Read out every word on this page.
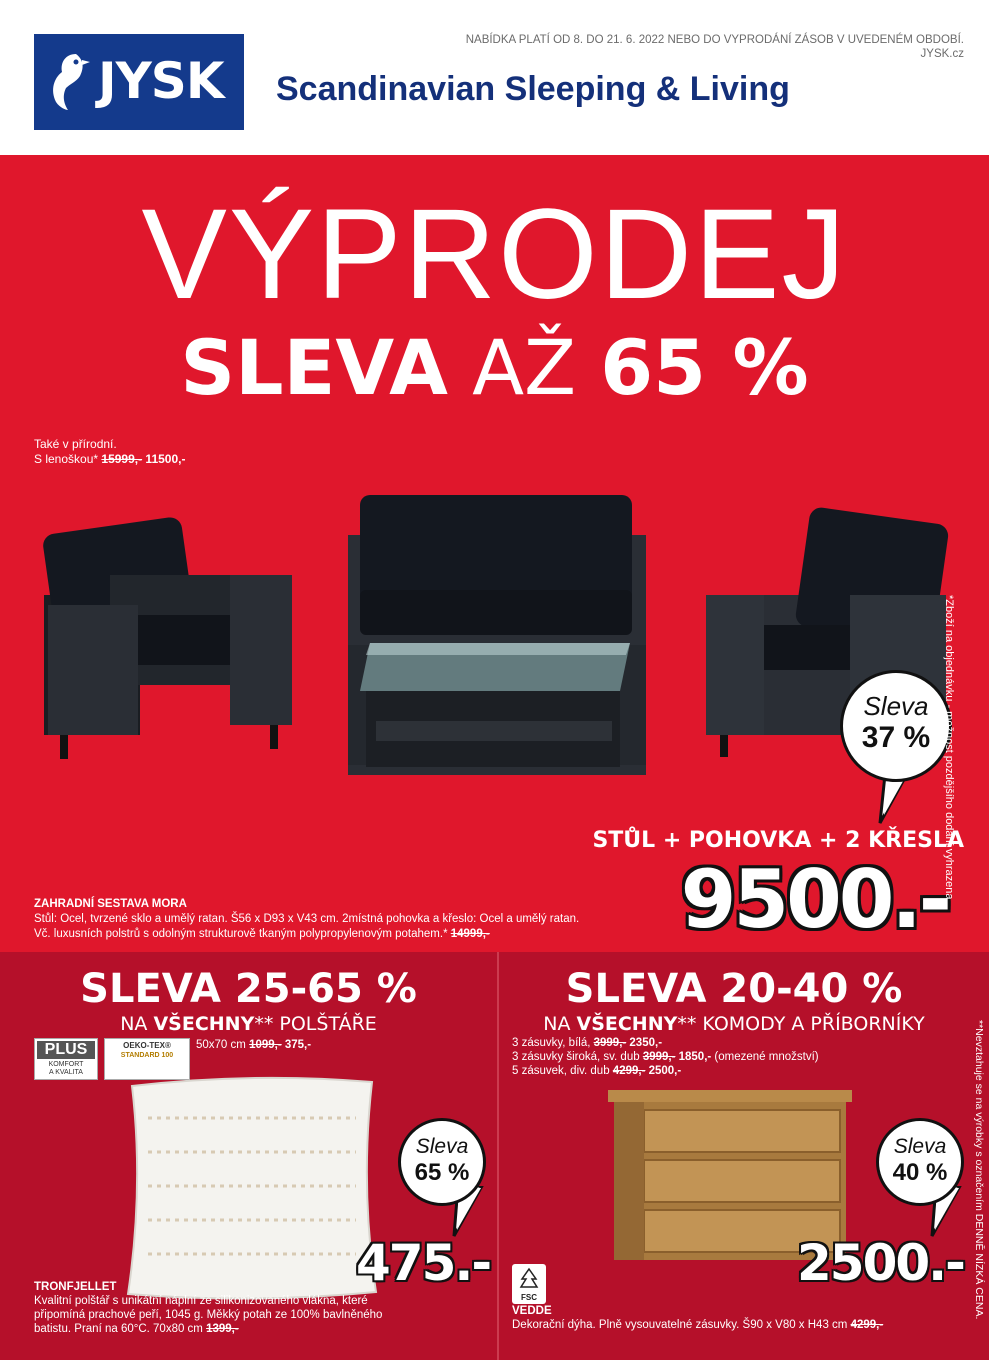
JYSK Scandinavian Sleeping & Living
NABÍDKA PLATÍ OD 8. DO 21. 6. 2022 NEBO DO VYPRODÁNÍ ZÁSOB V UVEDENÉM OBDOBÍ.
JYSK.cz
VÝPRODEJ
SLEVA AŽ 65 %
Také v přírodní.
S lenoškou* 15999,- 11500,-
Sleva
37 %
STŮL + POHOVKA + 2 KŘESLA
9500.-
ZAHRADNÍ SESTAVA MORA
Stůl: Ocel, tvrzené sklo a umělý ratan. Š56 x D93 x V43 cm. 2místná pohovka a křeslo: Ocel a umělý ratan.
Vč. luxusních polstrů s odolným strukturově tkaným polypropylenovým potahem.* 14999,-
*Zboží na objednávku - možnost pozdějšího dodání vyhrazena.
SLEVA 25-65 %
NA VŠECHNY** POLŠTÁŘE
PLUS
KOMFORT
A KVALITA
OEKO-TEX®
STANDARD 100
50x70 cm 1099,- 375,-
Sleva
65 %
475.-
TRONFJELLET
Kvalitní polštář s unikátní náplní ze silikonizovaného vlákna, které
připomíná prachové peří, 1045 g. Měkký potah ze 100% bavlněného
batistu. Praní na 60°C. 70x80 cm 1399,-
SLEVA 20-40 %
NA VŠECHNY** KOMODY A PŘÍBORNÍKY
3 zásuvky, bílá, 3999,- 2350,-
3 zásuvky široká, sv. dub 3999,- 1850,- (omezené množství)
5 zásuvek, div. dub 4299,- 2500,-
Sleva
40 %
2500.-
FSC
VEDDE
Dekorační dýha. Plně vysouvatelné zásuvky. Š90 x V80 x H43 cm 4299,-
**Nevztahuje se na výrobky s označením DENNĚ NÍZKÁ CENA.
